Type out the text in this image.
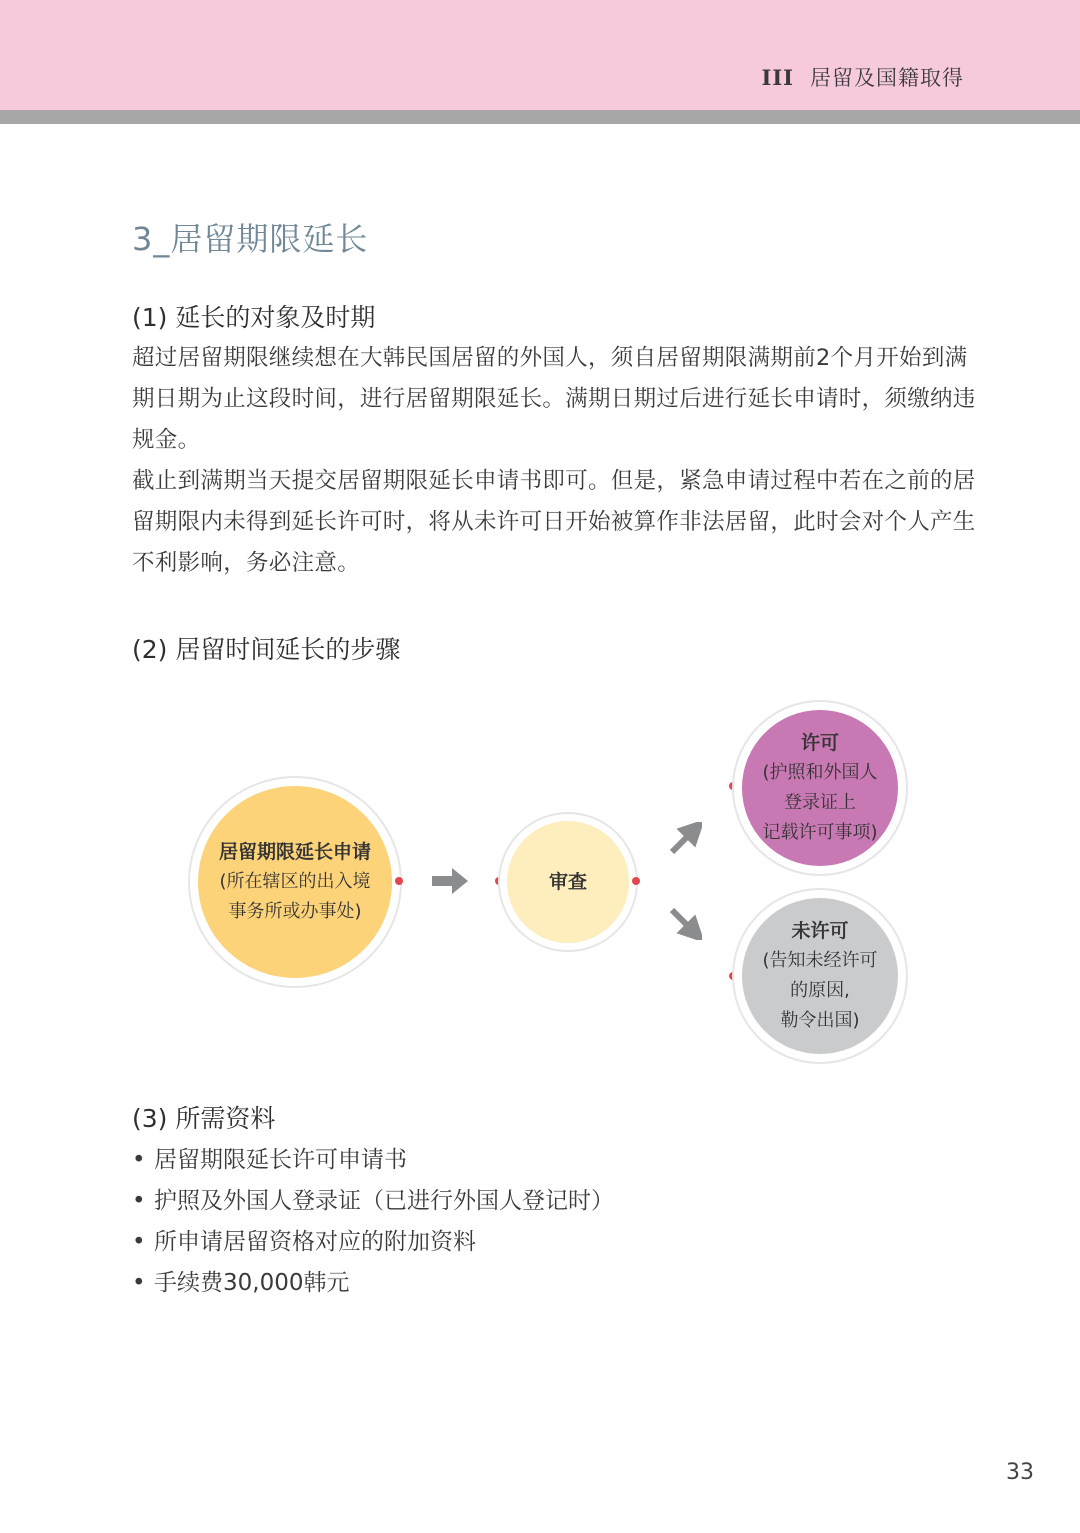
III 居留及国籍取得
3_居留期限延长
(1) 延长的对象及时期

超过居留期限继续想在大韩民国居留的外国人，须自居留期限满期前2个月开始到满期日期为止这段时间，进行居留期限延长。满期日期过后进行延长申请时，须缴纳违规金。

截止到满期当天提交居留期限延长申请书即可。但是，紧急申请过程中若在之前的居留期限内未得到延长许可时，将从未许可日开始被算作非法居留，此时会对个人产生不利影响，务必注意。

(2) 居留时间延长的步骤
居留期限延长申请
(所在辖区的出入境
事务所或办事处)
审查
许可
(护照和外国人
登录证上
记载许可事项)
未许可
(告知未经许可
的原因,
勒令出国)
(3) 所需资料
• 居留期限延长许可申请书
• 护照及外国人登录证（已进行外国人登记时）
• 所申请居留资格对应的附加资料
• 手续费30,000韩元
33
